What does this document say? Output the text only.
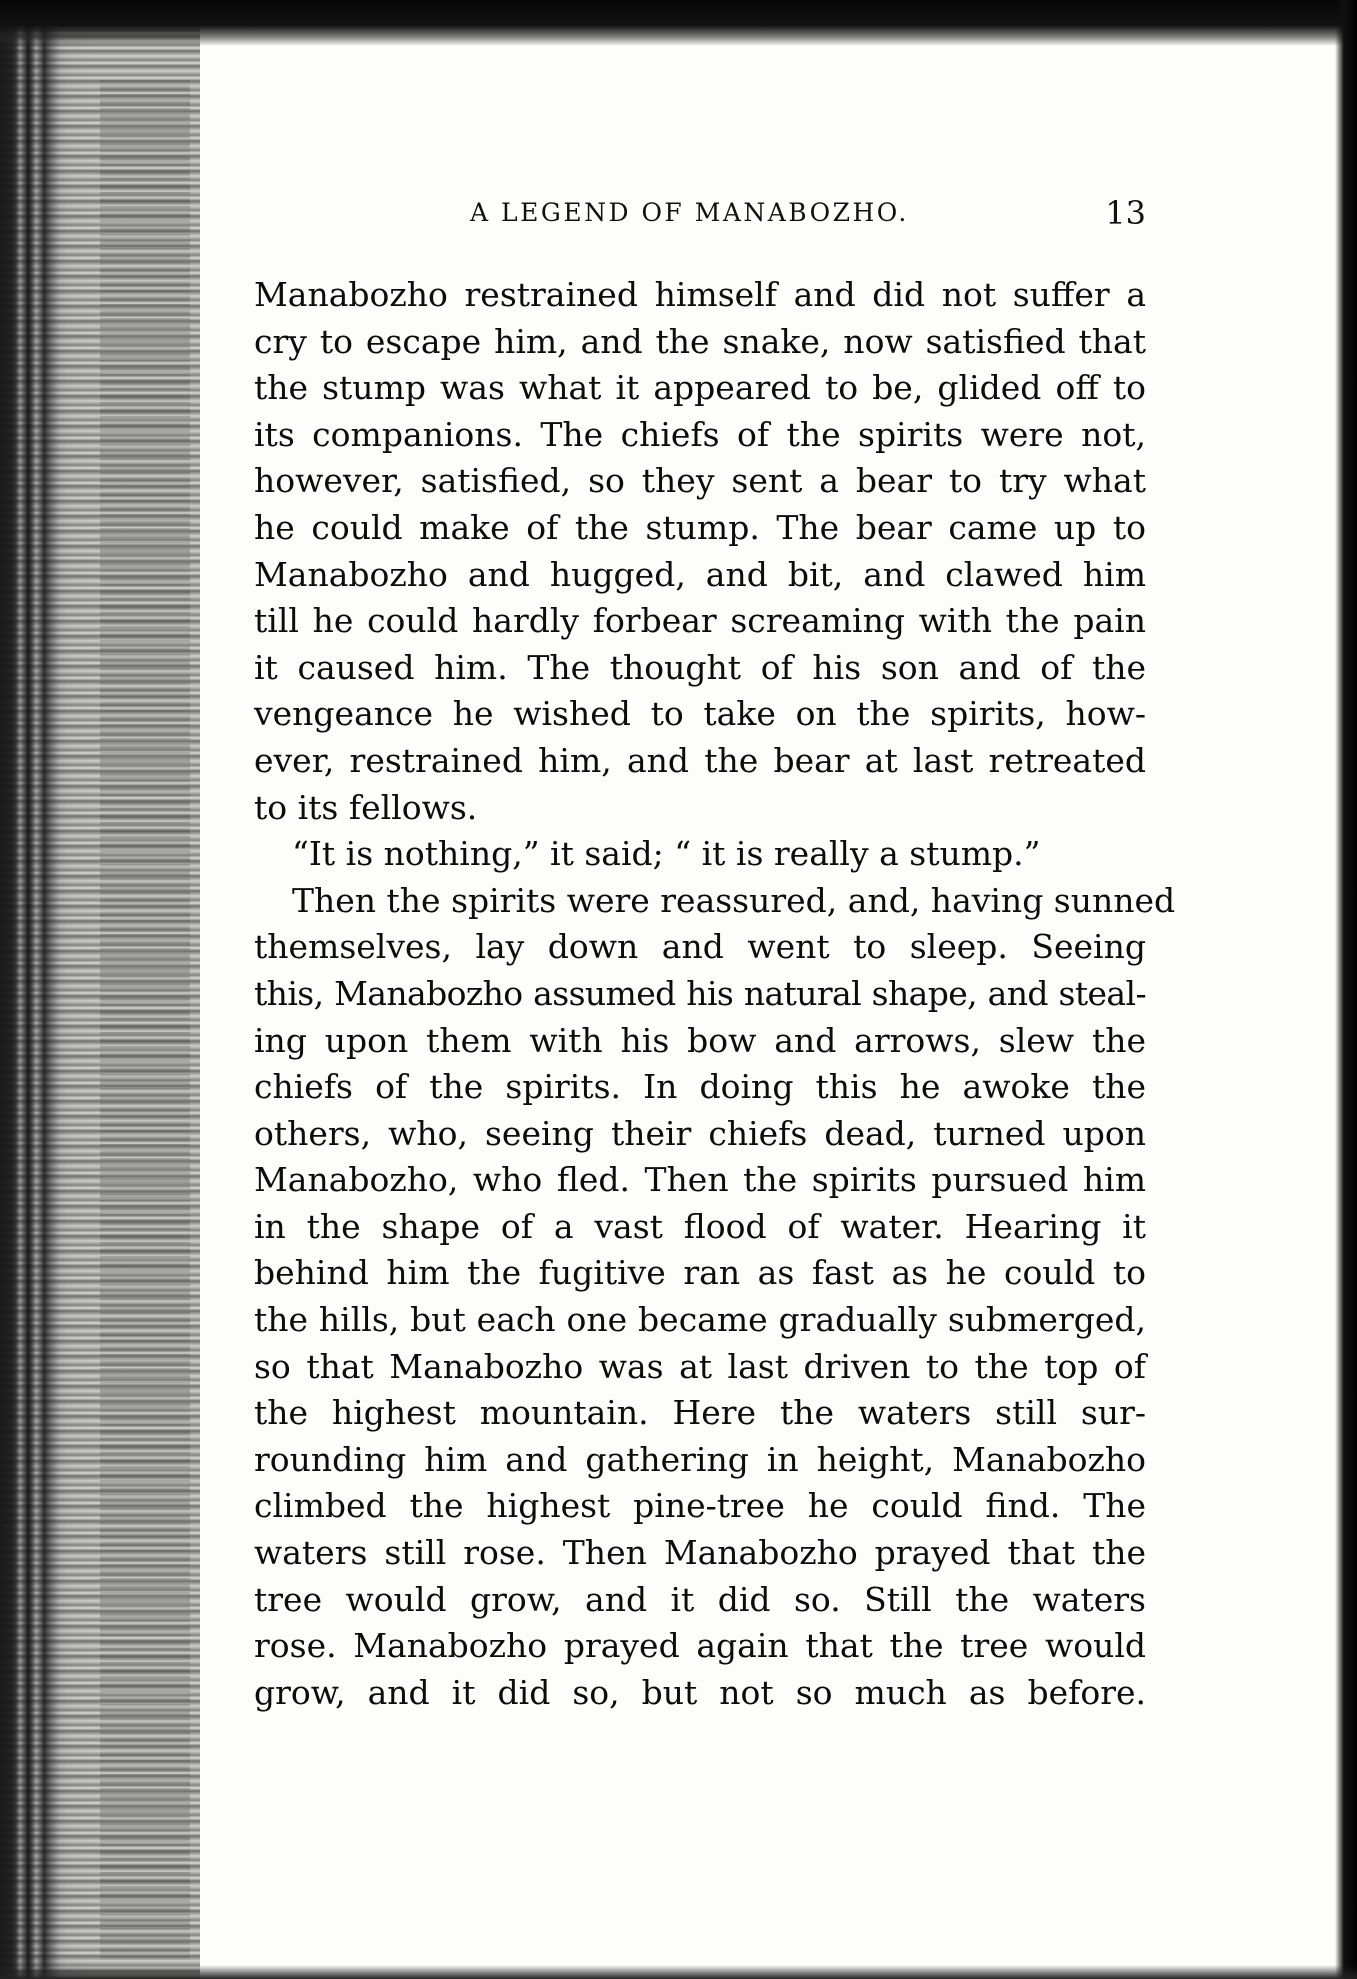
A LEGEND OF MANABOZHO.	13
Manabozho restrained himself and did not suffer a
cry to escape him, and the snake, now satisfied that
the stump was what it appeared to be, glided off to
its companions. The chiefs of the spirits were not,
however, satisfied, so they sent a bear to try what
he could make of the stump. The bear came up to
Manabozho and hugged, and bit, and clawed him
till he could hardly forbear screaming with the pain
it caused him. The thought of his son and of the
vengeance he wished to take on the spirits, how-
ever, restrained him, and the bear at last retreated
to its fellows.
“It is nothing,” it said; “ it is really a stump.”
Then the spirits were reassured, and, having sunned
themselves, lay down and went to sleep. Seeing
this, Manabozho assumed his natural shape, and steal-
ing upon them with his bow and arrows, slew the
chiefs of the spirits. In doing this he awoke the
others, who, seeing their chiefs dead, turned upon
Manabozho, who fled. Then the spirits pursued him
in the shape of a vast flood of water. Hearing it
behind him the fugitive ran as fast as he could to
the hills, but each one became gradually submerged,
so that Manabozho was at last driven to the top of
the highest mountain. Here the waters still sur-
rounding him and gathering in height, Manabozho
climbed the highest pine-tree he could find. The
waters still rose. Then Manabozho prayed that the
tree would grow, and it did so. Still the waters
rose. Manabozho prayed again that the tree would
grow, and it did so, but not so much as before.
